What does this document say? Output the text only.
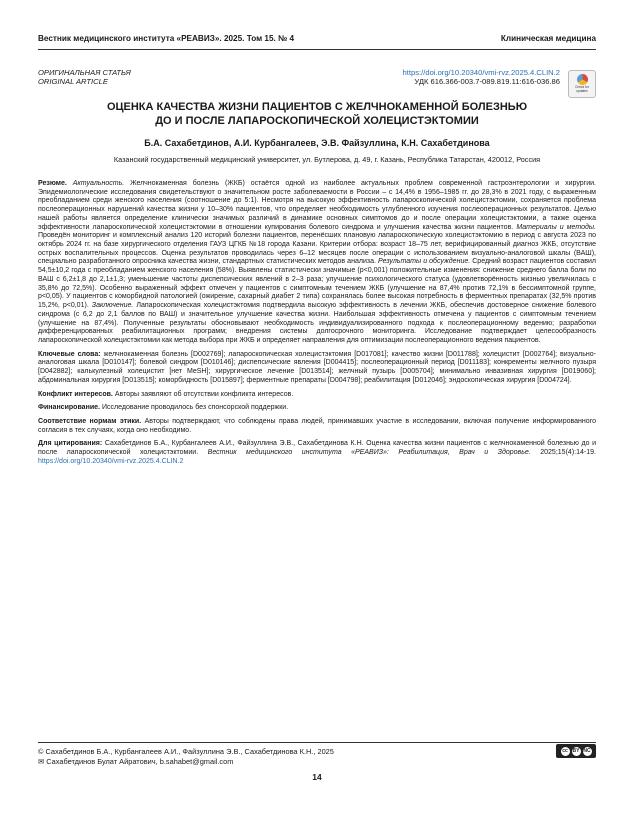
Вестник медицинского института «РЕАВИЗ». 2025. Том 15. № 4	Клиническая медицина
ОРИГИНАЛЬНАЯ СТАТЬЯ
ORIGINAL ARTICLE
https://doi.org/10.20340/vmi-rvz.2025.4.CLIN.2
УДК 616.366-003.7-089.819.11:616-036.86
Check for
updates
ОЦЕНКА КАЧЕСТВА ЖИЗНИ ПАЦИЕНТОВ С ЖЕЛЧНОКАМЕННОЙ БОЛЕЗНЬЮ
ДО И ПОСЛЕ ЛАПАРОСКОПИЧЕСКОЙ ХОЛЕЦИСТЭКТОМИИ
Б.А. Сахабетдинов, А.И. Курбангалеев, Э.В. Файзуллина, К.Н. Сахабетдинова
Казанский государственный медицинский университет, ул. Бутлерова, д. 49, г. Казань, Республика Татарстан, 420012, Россия

Резюме. Актуальность. Желчнокаменная болезнь (ЖКБ) остаётся одной из наиболее актуальных проблем современной гастроэнтерологии и хирургии. Эпидемиологические исследования свидетельствуют о значительном росте заболеваемости в России – с 14,4% в 1956–1985 гг. до 28,3% в 2021 году, с выраженным преобладанием среди женского населения (соотношение до 5:1). Несмотря на высокую эффективность лапароскопической холецистэктомии, сохраняется проблема послеоперационных нарушений качества жизни у 10–30% пациентов, что определяет необходимость углубленного изучения послеоперационных результатов. Целью нашей работы является определение клинически значимых различий в динамике основных симптомов до и после операции холецистэктомии, а также оценка эффективности лапароскопической холецистэктомии в отношении купирования болевого синдрома и улучшения качества жизни пациентов. Материалы и методы. Проведён мониторинг и комплексный анализ 120 историй болезни пациентов, перенёсших плановую лапароскопическую холецистэктомию в период с августа 2023 по октябрь 2024 гг. на базе хирургического отделения ГАУЗ ЦГКБ №18 города Казани. Критерии отбора: возраст 18–75 лет, верифицированный диагноз ЖКБ, отсутствие острых воспалительных процессов. Оценка результатов проводилась через 6–12 месяцев после операции с использованием визуально-аналоговой шкалы (ВАШ), специально разработанного опросника качества жизни, стандартных статистических методов анализа. Результаты и обсуждение. Средний возраст пациентов составил 54,5±10,2 года с преобладанием женского населения (58%). Выявлены статистически значимые (p<0,001) положительные изменения: снижение среднего балла боли по ВАШ с 6,2±1,8 до 2,1±1,3; уменьшение частоты диспепсических явлений в 2–3 раза; улучшение психологического статуса (удовлетворённость жизнью увеличилась с 35,8% до 72,5%). Особенно выраженный эффект отмечен у пациентов с симптомным течением ЖКБ (улучшение на 87,4% против 72,1% в бессимптомной группе, p<0,05). У пациентов с коморбидной патологией (ожирение, сахарный диабет 2 типа) сохранялась более высокая потребность в ферментных препаратах (32,5% против 15,2%, p<0,01). Заключение. Лапароскопическая холецистэктомия подтвердила высокую эффективность в лечении ЖКБ, обеспечив достоверное снижение болевого синдрома (с 6,2 до 2,1 баллов по ВАШ) и значительное улучшение качества жизни. Наибольшая эффективность отмечена у пациентов с симптомным течением (улучшение на 87,4%). Полученные результаты обосновывают необходимость индивидуализированного подхода к послеоперационному ведению; разработки дифференцированных реабилитационных программ; внедрения системы долгосрочного мониторинга. Исследование подтверждает целесообразность лапароскопической холецистэктомии как метода выбора при ЖКБ и определяет направления для оптимизации послеоперационного ведения пациентов.

Ключевые слова: желчнокаменная болезнь [D002769]; лапароскопическая холецистэктомия [D017081]; качество жизни [D011788]; холецистит [D002764]; визуально-аналоговая шкала [D010147]; болевой синдром [D010146]; диспепсические явления [D004415]; послеоперационный период [D011183]; конкременты желчного пузыря [D042882]; калькулезный холецистит [нет MeSH]; хирургическое лечение [D013514]; желчный пузырь [D005704]; минимально инвазивная хирургия [D019060]; абдоминальная хирургия [D013515]; коморбидность [D015897]; ферментные препараты [D004798]; реабилитация [D012046]; эндоскопическая хирургия [D004724].

Конфликт интересов. Авторы заявляют об отсутствии конфликта интересов.

Финансирование. Исследование проводилось без спонсорской поддержки.

Соответствие нормам этики. Авторы подтверждают, что соблюдены права людей, принимавших участие в исследовании, включая получение информированного согласия в тех случаях, когда оно необходимо.

Для цитирования: Сахабетдинов Б.А., Курбангалеев А.И., Файзуллина Э.В., Сахабетдинова К.Н. Оценка качества жизни пациентов с желчнокаменной болезнью до и после лапароскопической холецистэктомии. Вестник медицинского института «РЕАВИЗ»: Реабилитация, Врач и Здоровье. 2025;15(4):14-19. https://doi.org/10.20340/vmi-rvz.2025.4.CLIN.2

© Сахабетдинов Б.А., Курбангалеев А.И., Файзуллина Э.В., Сахабетдинова К.Н., 2025
✉ Сахабетдинов Булат Айратович, b.sahabet@gmail.com
cc BY NC
14
